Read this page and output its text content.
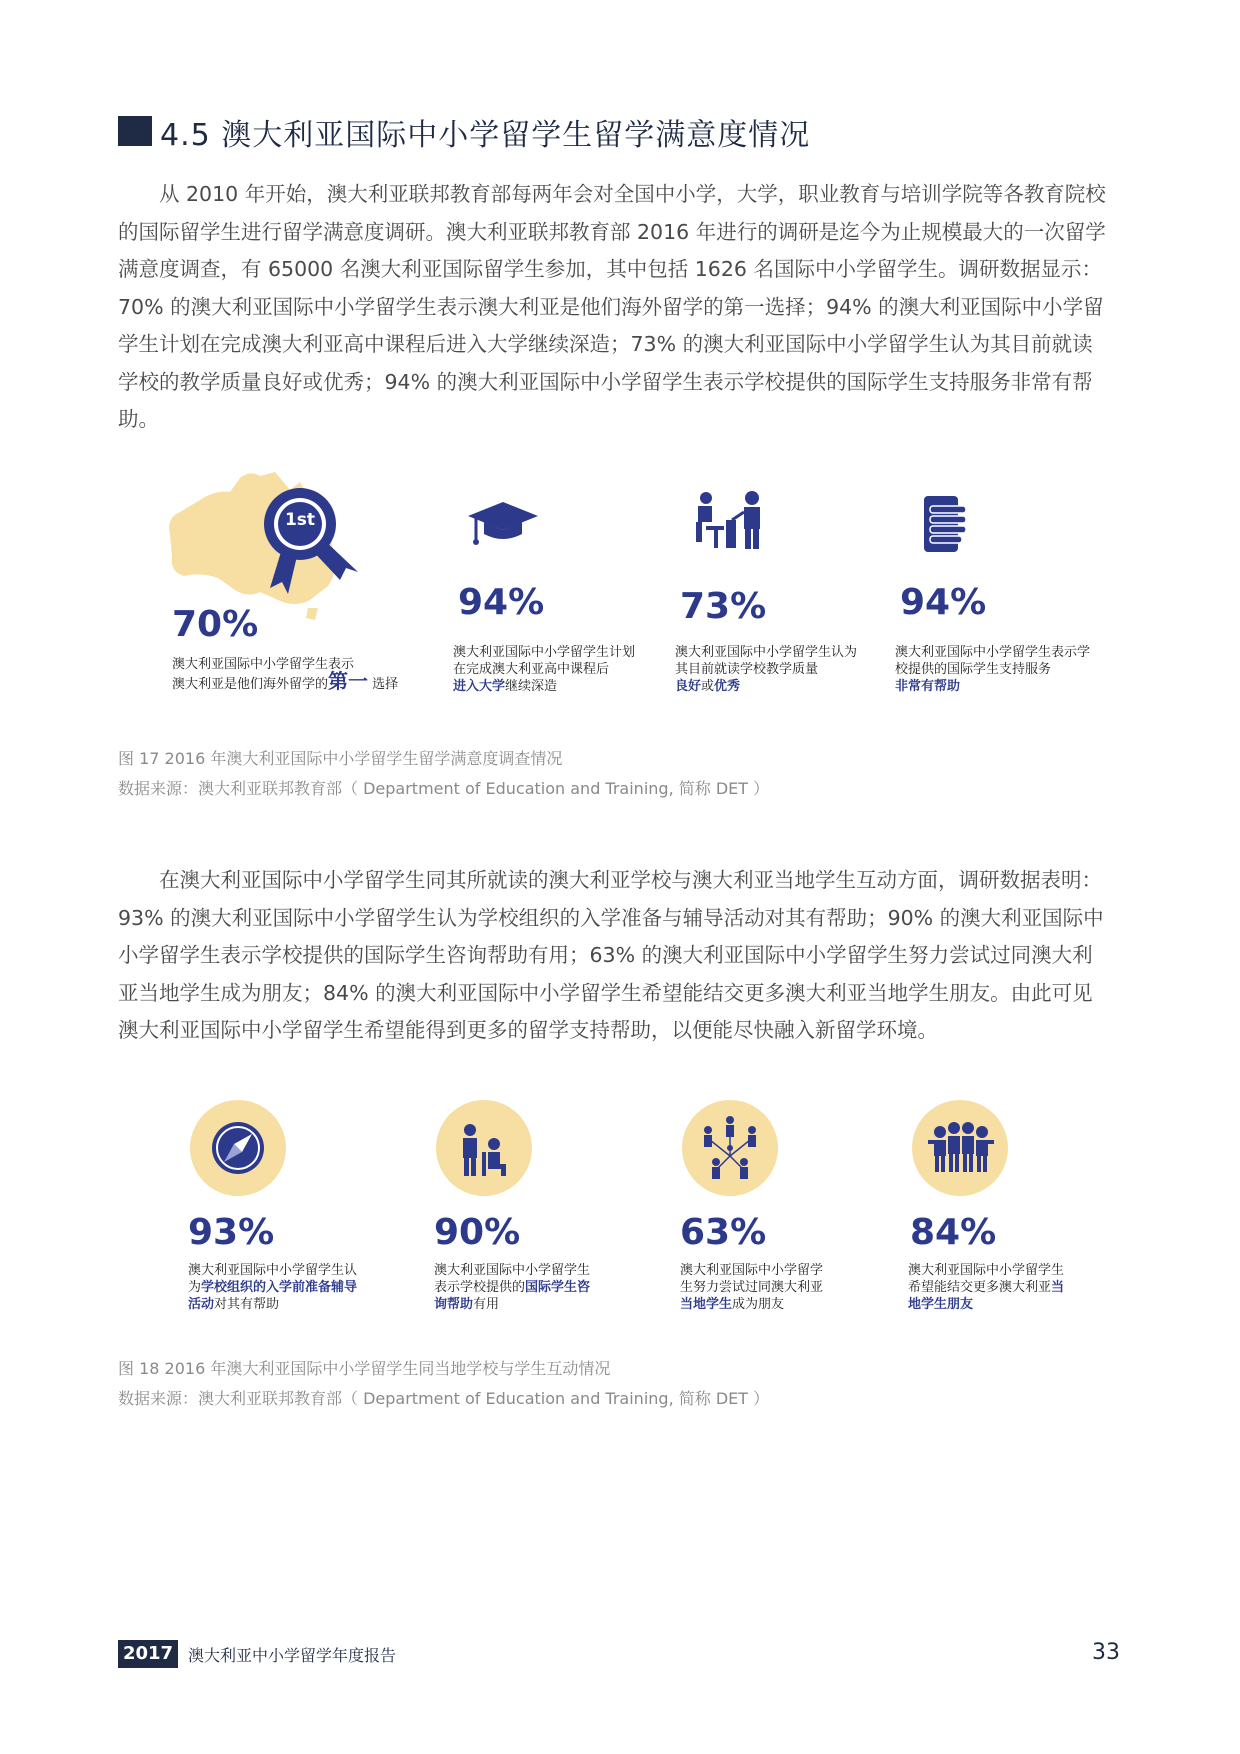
4.5 澳大利亚国际中小学留学生留学满意度情况
从 2010 年开始，澳大利亚联邦教育部每两年会对全国中小学，大学，职业教育与培训学院等各教育院校
的国际留学生进行留学满意度调研。澳大利亚联邦教育部 2016 年进行的调研是迄今为止规模最大的一次留学
满意度调查，有 65000 名澳大利亚国际留学生参加，其中包括 1626 名国际中小学留学生。调研数据显示：
70% 的澳大利亚国际中小学留学生表示澳大利亚是他们海外留学的第一选择；94% 的澳大利亚国际中小学留
学生计划在完成澳大利亚高中课程后进入大学继续深造；73% 的澳大利亚国际中小学留学生认为其目前就读
学校的教学质量良好或优秀；94% 的澳大利亚国际中小学留学生表示学校提供的国际学生支持服务非常有帮
助。
1st
70%
94%	73%	94%
澳大利亚国际中小学留学生表示
澳大利亚是他们海外留学的第一 选择
澳大利亚国际中小学留学生计划
在完成澳大利亚高中课程后
进入大学继续深造
澳大利亚国际中小学留学生认为
其目前就读学校教学质量
良好或优秀
澳大利亚国际中小学留学生表示学
校提供的国际学生支持服务
非常有帮助
图 17 2016 年澳大利亚国际中小学留学生留学满意度调查情况
数据来源：澳大利亚联邦教育部（ Department of Education and Training, 简称 DET ）
在澳大利亚国际中小学留学生同其所就读的澳大利亚学校与澳大利亚当地学生互动方面，调研数据表明：
93% 的澳大利亚国际中小学留学生认为学校组织的入学准备与辅导活动对其有帮助；90% 的澳大利亚国际中
小学留学生表示学校提供的国际学生咨询帮助有用；63% 的澳大利亚国际中小学留学生努力尝试过同澳大利
亚当地学生成为朋友；84% 的澳大利亚国际中小学留学生希望能结交更多澳大利亚当地学生朋友。由此可见
澳大利亚国际中小学留学生希望能得到更多的留学支持帮助，以便能尽快融入新留学环境。
93%	90%	63%	84%
澳大利亚国际中小学留学生认
为学校组织的入学前准备辅导
活动对其有帮助
澳大利亚国际中小学留学生
表示学校提供的国际学生咨
询帮助有用
澳大利亚国际中小学留学
生努力尝试过同澳大利亚
当地学生成为朋友
澳大利亚国际中小学留学生
希望能结交更多澳大利亚当
地学生朋友
图 18 2016 年澳大利亚国际中小学留学生同当地学校与学生互动情况
数据来源：澳大利亚联邦教育部（ Department of Education and Training, 简称 DET ）
2017 澳大利亚中小学留学年度报告	33
